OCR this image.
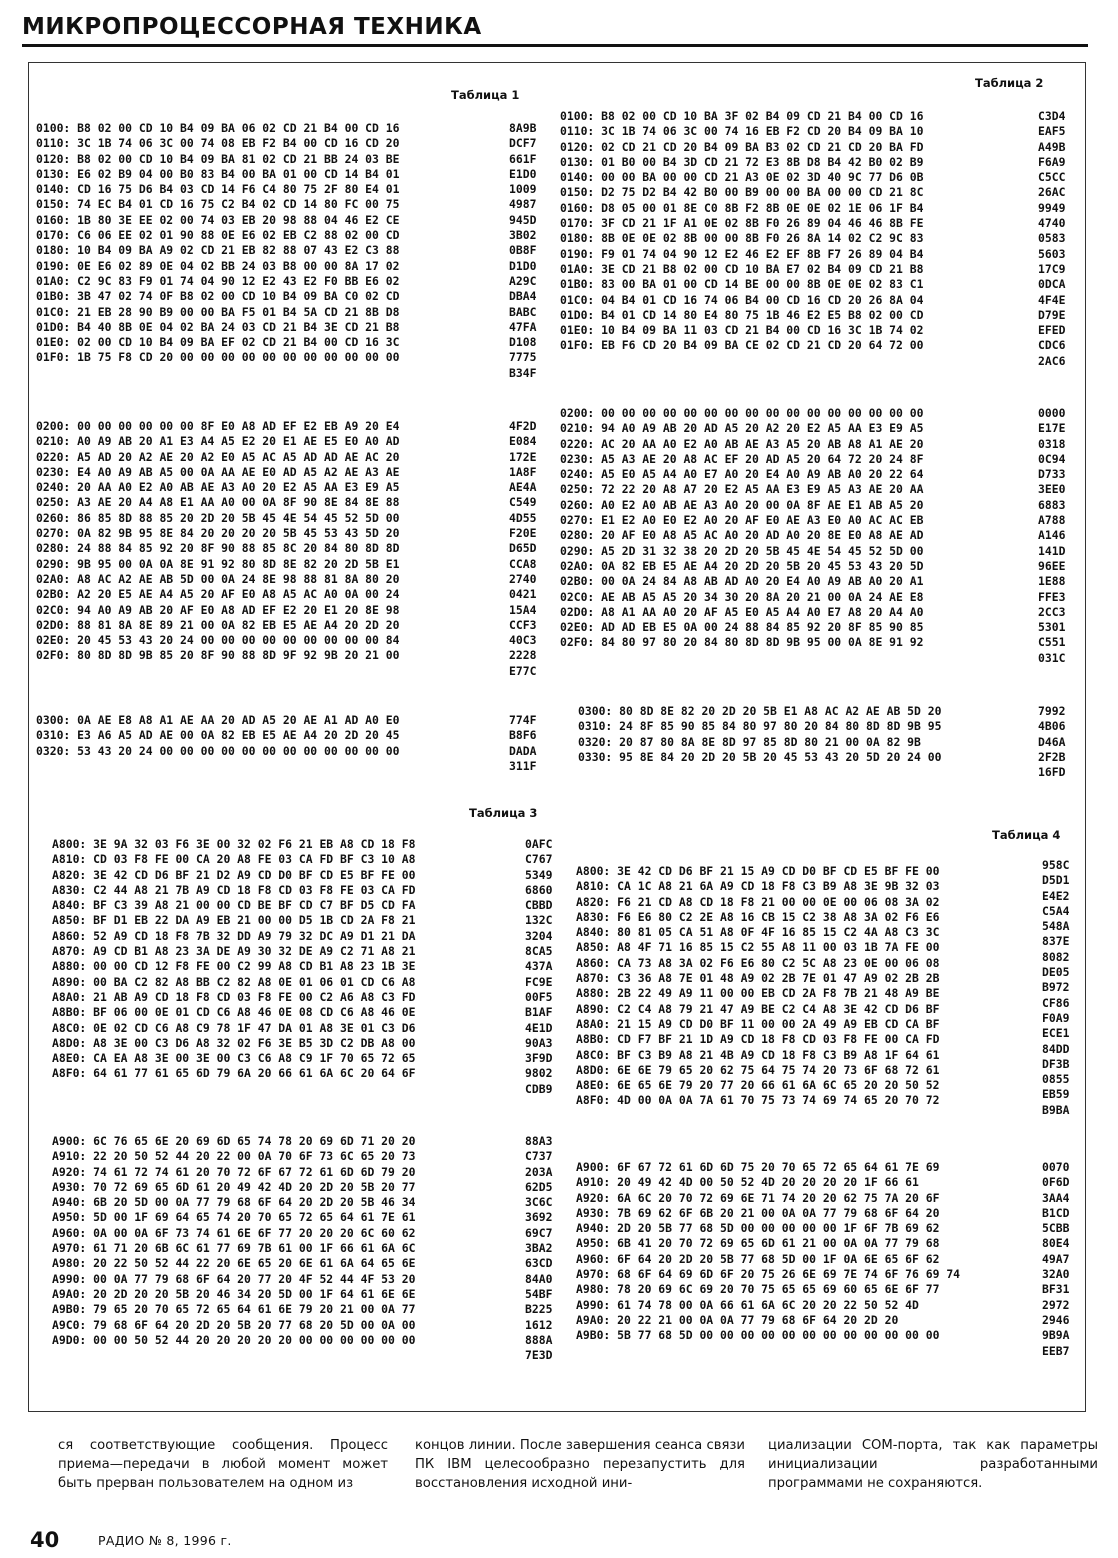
МИКРОПРОЦЕССОРНАЯ ТЕХНИКА
Таблица 1
Таблица 2
Таблица 3
Таблица 4
0100: B8 02 00 CD 10 B4 09 BA 06 02 CD 21 B4 00 CD 16
0110: 3C 1B 74 06 3C 00 74 08 EB F2 B4 00 CD 16 CD 20
0120: B8 02 00 CD 10 B4 09 BA 81 02 CD 21 BB 24 03 BE
0130: E6 02 B9 04 00 B0 83 B4 00 BA 01 00 CD 14 B4 01
0140: CD 16 75 D6 B4 03 CD 14 F6 C4 80 75 2F 80 E4 01
0150: 74 EC B4 01 CD 16 75 C2 B4 02 CD 14 80 FC 00 75
0160: 1B 80 3E EE 02 00 74 03 EB 20 98 88 04 46 E2 CE
0170: C6 06 EE 02 01 90 88 0E E6 02 EB C2 88 02 00 CD
0180: 10 B4 09 BA A9 02 CD 21 EB 82 88 07 43 E2 C3 88
0190: 0E E6 02 89 0E 04 02 BB 24 03 B8 00 00 8A 17 02
01A0: C2 9C 83 F9 01 74 04 90 12 E2 43 E2 F0 BB E6 02
01B0: 3B 47 02 74 0F B8 02 00 CD 10 B4 09 BA C0 02 CD
01C0: 21 EB 28 90 B9 00 00 BA F5 01 B4 5A CD 21 8B D8
01D0: B4 40 8B 0E 04 02 BA 24 03 CD 21 B4 3E CD 21 B8
01E0: 02 00 CD 10 B4 09 BA EF 02 CD 21 B4 00 CD 16 3C
01F0: 1B 75 F8 CD 20 00 00 00 00 00 00 00 00 00 00 00
8A9B
DCF7
661F
E1D0
1009
4987
945D
3B02
0B8F
D1D0
A29C
DBA4
BABC
47FA
D108
7775
B34F
0200: 00 00 00 00 00 00 8F E0 A8 AD EF E2 EB A9 20 E4
0210: A0 A9 AB 20 A1 E3 A4 A5 E2 20 E1 AE E5 E0 A0 AD
0220: A5 AD 20 A2 AE 20 A2 E0 A5 AC A5 AD AD AE AC 20
0230: E4 A0 A9 AB A5 00 0A AA AE E0 AD A5 A2 AE A3 AE
0240: 20 AA A0 E2 A0 AB AE A3 A0 20 E2 A5 AA E3 E9 A5
0250: A3 AE 20 A4 A8 E1 AA A0 00 0A 8F 90 8E 84 8E 88
0260: 86 85 8D 88 85 20 2D 20 5B 45 4E 54 45 52 5D 00
0270: 0A 82 9B 95 8E 84 20 20 20 20 5B 45 53 43 5D 20
0280: 24 88 84 85 92 20 8F 90 88 85 8C 20 84 80 8D 8D
0290: 9B 95 00 0A 0A 8E 91 92 80 8D 8E 82 20 2D 5B E1
02A0: A8 AC A2 AE AB 5D 00 0A 24 8E 98 88 81 8A 80 20
02B0: A2 20 E5 AE A4 A5 20 AF E0 A8 A5 AC A0 0A 00 24
02C0: 94 A0 A9 AB 20 AF E0 A8 AD EF E2 20 E1 20 8E 98
02D0: 88 81 8A 8E 89 21 00 0A 82 EB E5 AE A4 20 2D 20
02E0: 20 45 53 43 20 24 00 00 00 00 00 00 00 00 00 84
02F0: 80 8D 8D 9B 85 20 8F 90 88 8D 9F 92 9B 20 21 00
4F2D
E084
172E
1A8F
AE4A
C549
4D55
F20E
D65D
CCA8
2740
0421
15A4
CCF3
40C3
2228
E77C
0300: 0A AE E8 A8 A1 AE AA 20 AD A5 20 AE A1 AD A0 E0
0310: E3 A6 A5 AD AE 00 0A 82 EB E5 AE A4 20 2D 20 45
0320: 53 43 20 24 00 00 00 00 00 00 00 00 00 00 00 00
774F
B8F6
DADA
311F
0100: B8 02 00 CD 10 BA 3F 02 B4 09 CD 21 B4 00 CD 16
0110: 3C 1B 74 06 3C 00 74 16 EB F2 CD 20 B4 09 BA 10
0120: 02 CD 21 CD 20 B4 09 BA B3 02 CD 21 CD 20 BA FD
0130: 01 B0 00 B4 3D CD 21 72 E3 8B D8 B4 42 B0 02 B9
0140: 00 00 BA 00 00 CD 21 A3 0E 02 3D 40 9C 77 D6 0B
0150: D2 75 D2 B4 42 B0 00 B9 00 00 BA 00 00 CD 21 8C
0160: D8 05 00 01 8E C0 8B F2 8B 0E 0E 02 1E 06 1F B4
0170: 3F CD 21 1F A1 0E 02 8B F0 26 89 04 46 46 8B FE
0180: 8B 0E 0E 02 8B 00 00 8B F0 26 8A 14 02 C2 9C 83
0190: F9 01 74 04 90 12 E2 46 E2 EF 8B F7 26 89 04 B4
01A0: 3E CD 21 B8 02 00 CD 10 BA E7 02 B4 09 CD 21 B8
01B0: 83 00 BA 01 00 CD 14 BE 00 00 8B 0E 0E 02 83 C1
01C0: 04 B4 01 CD 16 74 06 B4 00 CD 16 CD 20 26 8A 04
01D0: B4 01 CD 14 80 E4 80 75 1B 46 E2 E5 B8 02 00 CD
01E0: 10 B4 09 BA 11 03 CD 21 B4 00 CD 16 3C 1B 74 02
01F0: EB F6 CD 20 B4 09 BA CE 02 CD 21 CD 20 64 72 00
C3D4
EAF5
A49B
F6A9
C5CC
26AC
9949
4740
0583
5603
17C9
0DCA
4F4E
D79E
EFED
CDC6
2AC6
0200: 00 00 00 00 00 00 00 00 00 00 00 00 00 00 00 00
0210: 94 A0 A9 AB 20 AD A5 20 A2 20 E2 A5 AA E3 E9 A5
0220: AC 20 AA A0 E2 A0 AB AE A3 A5 20 AB A8 A1 AE 20
0230: A5 A3 AE 20 A8 AC EF 20 AD A5 20 64 72 20 24 8F
0240: A5 E0 A5 A4 A0 E7 A0 20 E4 A0 A9 AB A0 20 22 64
0250: 72 22 20 A8 A7 20 E2 A5 AA E3 E9 A5 A3 AE 20 AA
0260: A0 E2 A0 AB AE A3 A0 20 00 0A 8F AE E1 AB A5 20
0270: E1 E2 A0 E0 E2 A0 20 AF E0 AE A3 E0 A0 AC AC EB
0280: 20 AF E0 A8 A5 AC A0 20 AD A0 20 8E E0 A8 AE AD
0290: A5 2D 31 32 38 20 2D 20 5B 45 4E 54 45 52 5D 00
02A0: 0A 82 EB E5 AE A4 20 2D 20 5B 20 45 53 43 20 5D
02B0: 00 0A 24 84 A8 AB AD A0 20 E4 A0 A9 AB A0 20 A1
02C0: AE AB A5 A5 20 34 30 20 8A 20 21 00 0A 24 AE E8
02D0: A8 A1 AA A0 20 AF A5 E0 A5 A4 A0 E7 A8 20 A4 A0
02E0: AD AD EB E5 0A 00 24 88 84 85 92 20 8F 85 90 85
02F0: 84 80 97 80 20 84 80 8D 8D 9B 95 00 0A 8E 91 92
0000
E17E
0318
0C94
D733
3EE0
6883
A788
A146
141D
96EE
1E88
FFE3
2CC3
5301
C551
031C
0300: 80 8D 8E 82 20 2D 20 5B E1 A8 AC A2 AE AB 5D 20
0310: 24 8F 85 90 85 84 80 97 80 20 84 80 8D 8D 9B 95
0320: 20 87 80 8A 8E 8D 97 85 8D 80 21 00 0A 82 9B
0330: 95 8E 84 20 2D 20 5B 20 45 53 43 20 5D 20 24 00
7992
4B06
D46A
2F2B
16FD
A800: 3E 9A 32 03 F6 3E 00 32 02 F6 21 EB A8 CD 18 F8
A810: CD 03 F8 FE 00 CA 20 A8 FE 03 CA FD BF C3 10 A8
A820: 3E 42 CD D6 BF 21 D2 A9 CD D0 BF CD E5 BF FE 00
A830: C2 44 A8 21 7B A9 CD 18 F8 CD 03 F8 FE 03 CA FD
A840: BF C3 39 A8 21 00 00 CD BE BF CD C7 BF D5 CD FA
A850: BF D1 EB 22 DA A9 EB 21 00 00 D5 1B CD 2A F8 21
A860: 52 A9 CD 18 F8 7B 32 DD A9 79 32 DC A9 D1 21 DA
A870: A9 CD B1 A8 23 3A DE A9 30 32 DE A9 C2 71 A8 21
A880: 00 00 CD 12 F8 FE 00 C2 99 A8 CD B1 A8 23 1B 3E
A890: 00 BA C2 82 A8 BB C2 82 A8 0E 01 06 01 CD C6 A8
A8A0: 21 AB A9 CD 18 F8 CD 03 F8 FE 00 C2 A6 A8 C3 FD
A8B0: BF 06 00 0E 01 CD C6 A8 46 0E 08 CD C6 A8 46 0E
A8C0: 0E 02 CD C6 A8 C9 78 1F 47 DA 01 A8 3E 01 C3 D6
A8D0: A8 3E 00 C3 D6 A8 32 02 F6 3E B5 3D C2 DB A8 00
A8E0: CA EA A8 3E 00 3E 00 C3 C6 A8 C9 1F 70 65 72 65
A8F0: 64 61 77 61 65 6D 79 6A 20 66 61 6A 6C 20 64 6F
0AFC
C767
5349
6860
CBBD
132C
3204
8CA5
437A
FC9E
00F5
B1AF
4E1D
90A3
3F9D
9802
CDB9
A900: 6C 76 65 6E 20 69 6D 65 74 78 20 69 6D 71 20 20
A910: 22 20 50 52 44 20 22 00 0A 70 6F 73 6C 65 20 73
A920: 74 61 72 74 61 20 70 72 6F 67 72 61 6D 6D 79 20
A930: 70 72 69 65 6D 61 20 49 42 4D 20 2D 20 5B 20 77
A940: 6B 20 5D 00 0A 77 79 68 6F 64 20 2D 20 5B 46 34
A950: 5D 00 1F 69 64 65 74 20 70 65 72 65 64 61 7E 61
A960: 0A 00 0A 6F 73 74 61 6E 6F 77 20 20 20 6C 60 62
A970: 61 71 20 6B 6C 61 77 69 7B 61 00 1F 66 61 6A 6C
A980: 20 22 50 52 44 22 20 6E 65 20 6E 61 6A 64 65 6E
A990: 00 0A 77 79 68 6F 64 20 77 20 4F 52 44 4F 53 20
A9A0: 20 2D 20 20 5B 20 46 34 20 5D 00 1F 64 61 6E 6E
A9B0: 79 65 20 70 65 72 65 64 61 6E 79 20 21 00 0A 77
A9C0: 79 68 6F 64 20 2D 20 5B 20 77 68 20 5D 00 0A 00
A9D0: 00 00 50 52 44 20 20 20 20 20 00 00 00 00 00 00
88A3
C737
203A
62D5
3C6C
3692
69C7
3BA2
63CD
84A0
54BF
B225
1612
888A
7E3D
A800: 3E 42 CD D6 BF 21 15 A9 CD D0 BF CD E5 BF FE 00
A810: CA 1C A8 21 6A A9 CD 18 F8 C3 B9 A8 3E 9B 32 03
A820: F6 21 CD A8 CD 18 F8 21 00 00 0E 00 06 08 3A 02
A830: F6 E6 80 C2 2E A8 16 CB 15 C2 38 A8 3A 02 F6 E6
A840: 80 81 05 CA 51 A8 0F 4F 16 85 15 C2 4A A8 C3 3C
A850: A8 4F 71 16 85 15 C2 55 A8 11 00 03 1B 7A FE 00
A860: CA 73 A8 3A 02 F6 E6 80 C2 5C A8 23 0E 00 06 08
A870: C3 36 A8 7E 01 48 A9 02 2B 7E 01 47 A9 02 2B 2B
A880: 2B 22 49 A9 11 00 00 EB CD 2A F8 7B 21 48 A9 BE
A890: C2 C4 A8 79 21 47 A9 BE C2 C4 A8 3E 42 CD D6 BF
A8A0: 21 15 A9 CD D0 BF 11 00 00 2A 49 A9 EB CD CA BF
A8B0: CD F7 BF 21 1D A9 CD 18 F8 CD 03 F8 FE 00 CA FD
A8C0: BF C3 B9 A8 21 4B A9 CD 18 F8 C3 B9 A8 1F 64 61
A8D0: 6E 6E 79 65 20 62 75 64 75 74 20 73 6F 68 72 61
A8E0: 6E 65 6E 79 20 77 20 66 61 6A 6C 65 20 20 50 52
A8F0: 4D 00 0A 0A 7A 61 70 75 73 74 69 74 65 20 70 72
958C
D5D1
E4E2
C5A4
548A
837E
8082
DE05
B972
CF86
F0A9
ECE1
84DD
DF3B
0855
EB59
B9BA
A900: 6F 67 72 61 6D 6D 75 20 70 65 72 65 64 61 7E 69
A910: 20 49 42 4D 00 50 52 4D 20 20 20 20 1F 66 61
A920: 6A 6C 20 70 72 69 6E 71 74 20 20 62 75 7A 20 6F
A930: 7B 69 62 6F 6B 20 21 00 0A 0A 77 79 68 6F 64 20
A940: 2D 20 5B 77 68 5D 00 00 00 00 00 1F 6F 7B 69 62
A950: 6B 41 20 70 72 69 65 6D 61 21 00 0A 0A 77 79 68
A960: 6F 64 20 2D 20 5B 77 68 5D 00 1F 0A 6E 65 6F 62
A970: 68 6F 64 69 6D 6F 20 75 26 6E 69 7E 74 6F 76 69 74
A980: 78 20 69 6C 69 20 70 75 65 65 69 60 65 6E 6F 77
A990: 61 74 78 00 0A 66 61 6A 6C 20 20 22 50 52 4D
A9A0: 20 22 21 00 0A 0A 77 79 68 6F 64 20 2D 20
A9B0: 5B 77 68 5D 00 00 00 00 00 00 00 00 00 00 00 00
0070
0F6D
3AA4
B1CD
5CBB
80E4
49A7
32A0
BF31
2972
2946
9B9A
EEB7
ся соответствующие сообщения. Процесс приема—передачи в любой момент может быть прерван пользователем на одном из
концов линии. После завершения сеанса связи ПК IBM целесообразно перезапустить для восстановления исходной ини-
циализации COM-порта, так как параметры инициализации разработанными программами не сохраняются.
40	РАДИО № 8, 1996 г.
